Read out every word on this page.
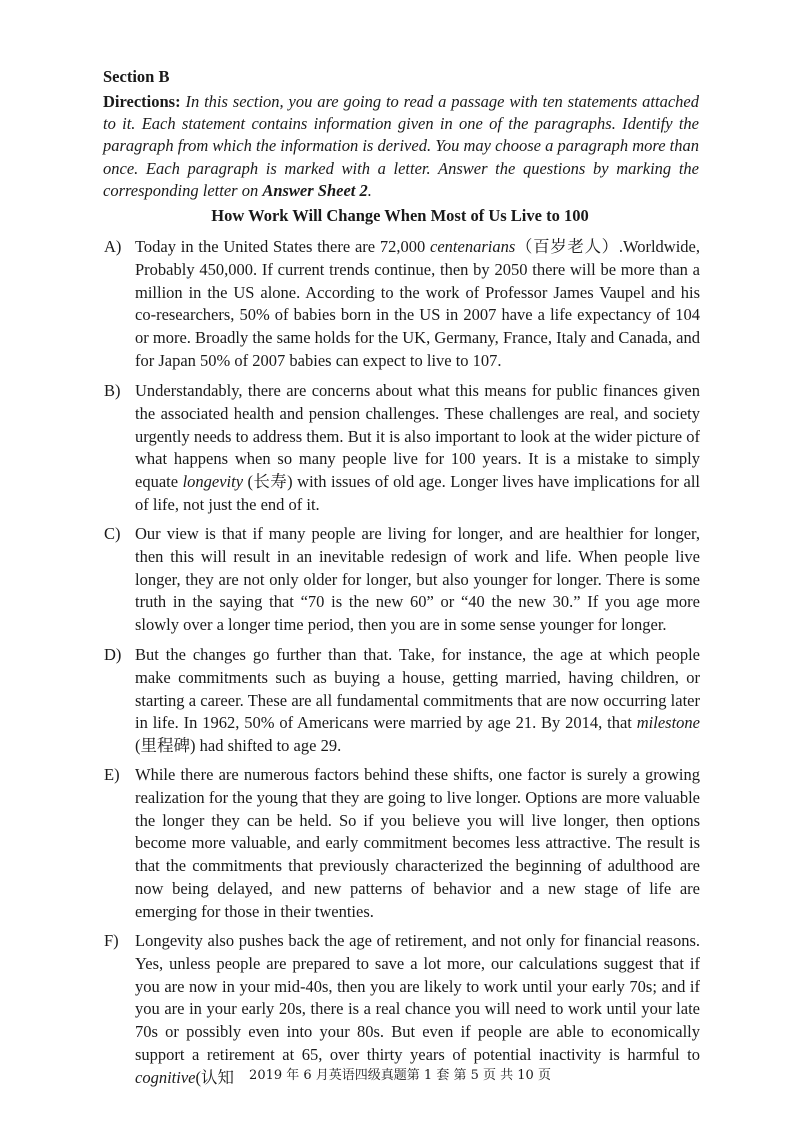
Section B
Directions: In this section, you are going to read a passage with ten statements attached to it. Each statement contains information given in one of the paragraphs. Identify the paragraph from which the information is derived. You may choose a paragraph more than once. Each paragraph is marked with a letter. Answer the questions by marking the corresponding letter on Answer Sheet 2.
How Work Will Change When Most of Us Live to 100
A) Today in the United States there are 72,000 centenarians（百岁老人）.Worldwide, Probably 450,000. If current trends continue, then by 2050 there will be more than a million in the US alone. According to the work of Professor James Vaupel and his co-researchers, 50% of babies born in the US in 2007 have a life expectancy of 104 or more. Broadly the same holds for the UK, Germany, France, Italy and Canada, and for Japan 50% of 2007 babies can expect to live to 107.
B) Understandably, there are concerns about what this means for public finances given the associated health and pension challenges. These challenges are real, and society urgently needs to address them. But it is also important to look at the wider picture of what happens when so many people live for 100 years. It is a mistake to simply equate longevity (长寿) with issues of old age. Longer lives have implications for all of life, not just the end of it.
C) Our view is that if many people are living for longer, and are healthier for longer, then this will result in an inevitable redesign of work and life. When people live longer, they are not only older for longer, but also younger for longer. There is some truth in the saying that “70 is the new 60” or “40 the new 30.” If you age more slowly over a longer time period, then you are in some sense younger for longer.
D) But the changes go further than that. Take, for instance, the age at which people make commitments such as buying a house, getting married, having children, or starting a career. These are all fundamental commitments that are now occurring later in life. In 1962, 50% of Americans were married by age 21. By 2014, that milestone (里程碑) had shifted to age 29.
E) While there are numerous factors behind these shifts, one factor is surely a growing realization for the young that they are going to live longer. Options are more valuable the longer they can be held. So if you believe you will live longer, then options become more valuable, and early commitment becomes less attractive. The result is that the commitments that previously characterized the beginning of adulthood are now being delayed, and new patterns of behavior and a new stage of life are emerging for those in their twenties.
F) Longevity also pushes back the age of retirement, and not only for financial reasons. Yes, unless people are prepared to save a lot more, our calculations suggest that if you are now in your mid-40s, then you are likely to work until your early 70s; and if you are in your early 20s, there is a real chance you will need to work until your late 70s or possibly even into your 80s. But even if people are able to economically support a retirement at 65, over thirty years of potential inactivity is harmful to cognitive(认知	2019 年 6 月英语四级真题第 1 套 第 5 页 共 10 页
